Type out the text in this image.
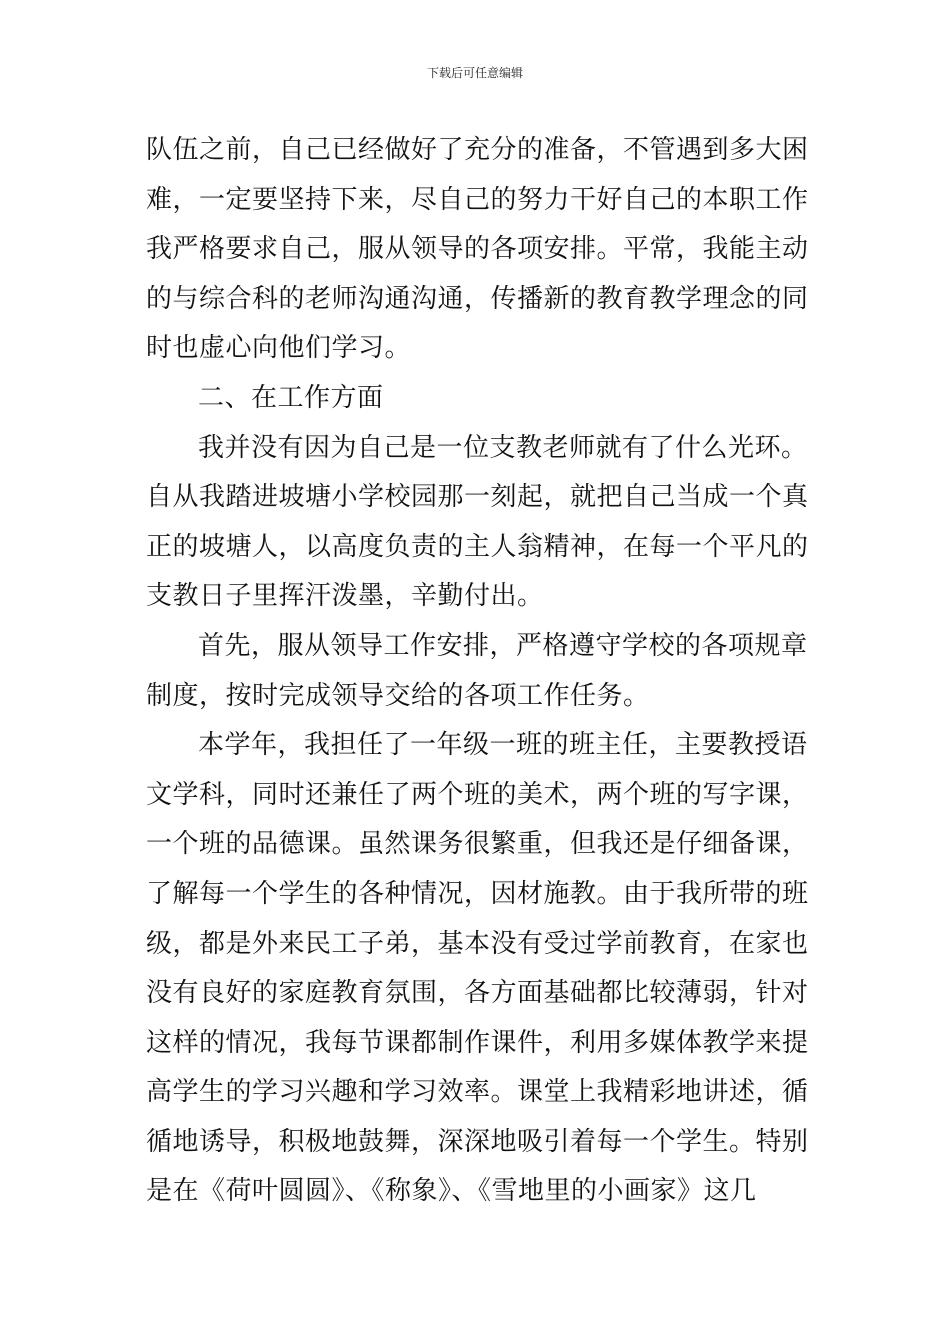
下载后可任意编辑
队伍之前，自己已经做好了充分的准备，不管遇到多大困
难，一定要坚持下来，尽自己的努力干好自己的本职工作
我严格要求自己，服从领导的各项安排。平常，我能主动
的与综合科的老师沟通沟通，传播新的教育教学理念的同
时也虚心向他们学习。
二、在工作方面
我并没有因为自己是一位支教老师就有了什么光环。
自从我踏进坡塘小学校园那一刻起，就把自己当成一个真
正的坡塘人，以高度负责的主人翁精神，在每一个平凡的
支教日子里挥汗泼墨，辛勤付出。
首先，服从领导工作安排，严格遵守学校的各项规章
制度，按时完成领导交给的各项工作任务。
本学年，我担任了一年级一班的班主任，主要教授语
文学科，同时还兼任了两个班的美术，两个班的写字课，
一个班的品德课。虽然课务很繁重，但我还是仔细备课，
了解每一个学生的各种情况，因材施教。由于我所带的班
级，都是外来民工子弟，基本没有受过学前教育，在家也
没有良好的家庭教育氛围，各方面基础都比较薄弱，针对
这样的情况，我每节课都制作课件，利用多媒体教学来提
高学生的学习兴趣和学习效率。课堂上我精彩地讲述，循
循地诱导，积极地鼓舞，深深地吸引着每一个学生。特别
是在《荷叶圆圆》、《称象》、《雪地里的小画家》这几
